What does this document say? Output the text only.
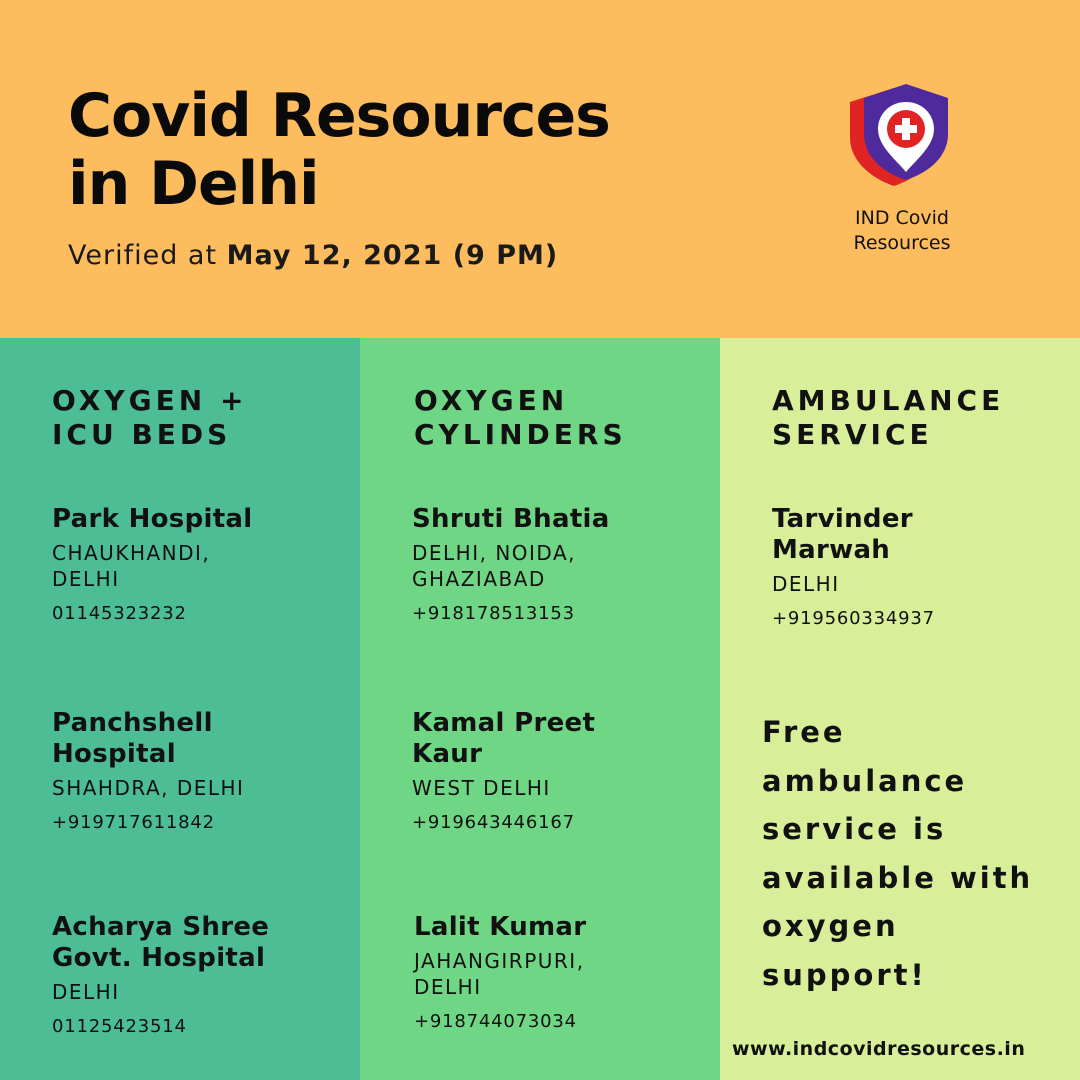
Covid Resources
in Delhi
Verified at May 12, 2021 (9 PM)
IND Covid
Resources
OXYGEN +
ICU BEDS
Park Hospital
CHAUKHANDI,
DELHI
01145323232
Panchshell
Hospital
SHAHDRA, DELHI
+919717611842
Acharya Shree
Govt. Hospital
DELHI
01125423514
OXYGEN
CYLINDERS
Shruti Bhatia
DELHI, NOIDA,
GHAZIABAD
+918178513153
Kamal Preet
Kaur
WEST DELHI
+919643446167
Lalit Kumar
JAHANGIRPURI,
DELHI
+918744073034
AMBULANCE
SERVICE
Tarvinder
Marwah
DELHI
+919560334937
Free
ambulance
service is
available with
oxygen
support!
www.indcovidresources.in
